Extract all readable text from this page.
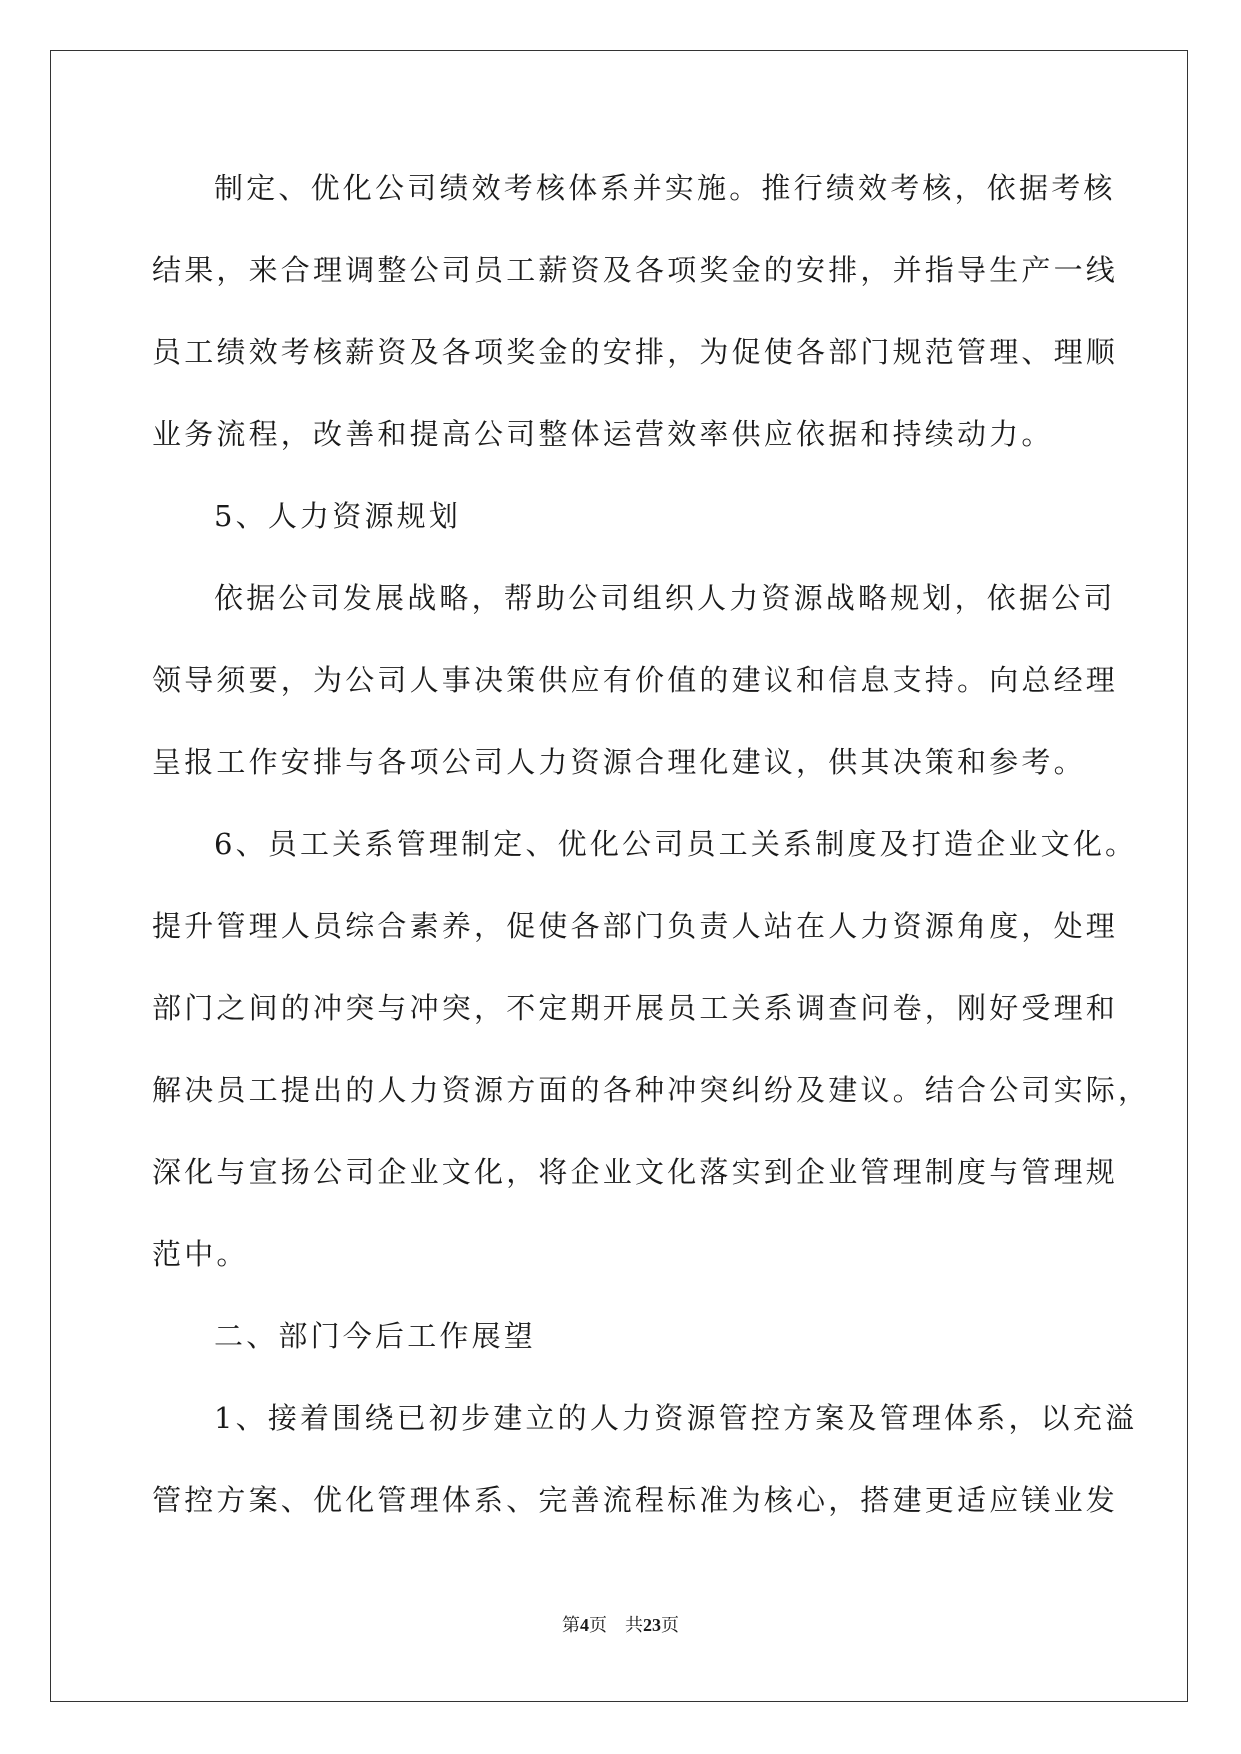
制定、优化公司绩效考核体系并实施。推行绩效考核，依据考核
结果，来合理调整公司员工薪资及各项奖金的安排，并指导生产一线
员工绩效考核薪资及各项奖金的安排，为促使各部门规范管理、理顺
业务流程，改善和提高公司整体运营效率供应依据和持续动力。
5、人力资源规划
依据公司发展战略，帮助公司组织人力资源战略规划，依据公司
领导须要，为公司人事决策供应有价值的建议和信息支持。向总经理
呈报工作安排与各项公司人力资源合理化建议，供其决策和参考。
6、员工关系管理制定、优化公司员工关系制度及打造企业文化。
提升管理人员综合素养，促使各部门负责人站在人力资源角度，处理
部门之间的冲突与冲突，不定期开展员工关系调查问卷，刚好受理和
解决员工提出的人力资源方面的各种冲突纠纷及建议。结合公司实际，
深化与宣扬公司企业文化，将企业文化落实到企业管理制度与管理规
范中。
二、部门今后工作展望
1、接着围绕已初步建立的人力资源管控方案及管理体系，以充溢
管控方案、优化管理体系、完善流程标准为核心，搭建更适应镁业发
第4页 共23页
